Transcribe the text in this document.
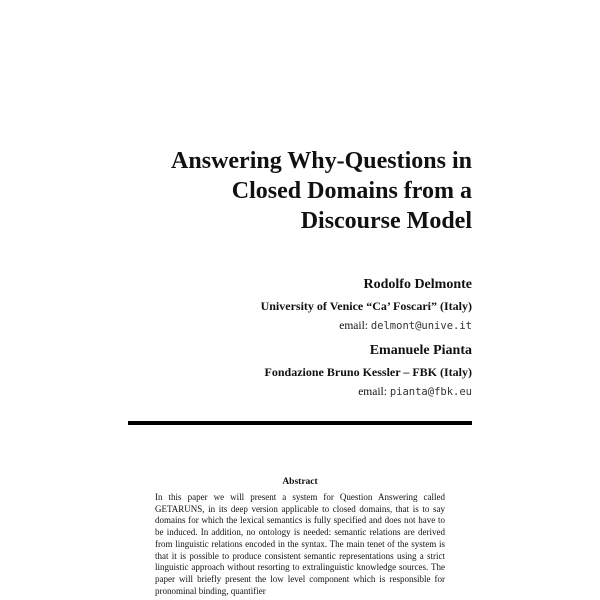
Answering Why-Questions in
Closed Domains from a
Discourse Model
Rodolfo Delmonte
University of Venice “Ca’ Foscari” (Italy)
email: delmont@unive.it
Emanuele Pianta
Fondazione Bruno Kessler – FBK (Italy)
email: pianta@fbk.eu
Abstract
In this paper we will present a system for Question Answering called GETARUNS, in its deep version applicable to closed domains, that is to say domains for which the lexical semantics is fully specified and does not have to be induced. In addition, no ontology is needed: semantic relations are derived from linguistic relations encoded in the syntax. The main tenet of the system is that it is possible to produce consistent semantic representations using a strict linguistic approach without resorting to extralinguistic knowledge sources. The paper will briefly present the low level component which is responsible for pronominal binding, quantifier
